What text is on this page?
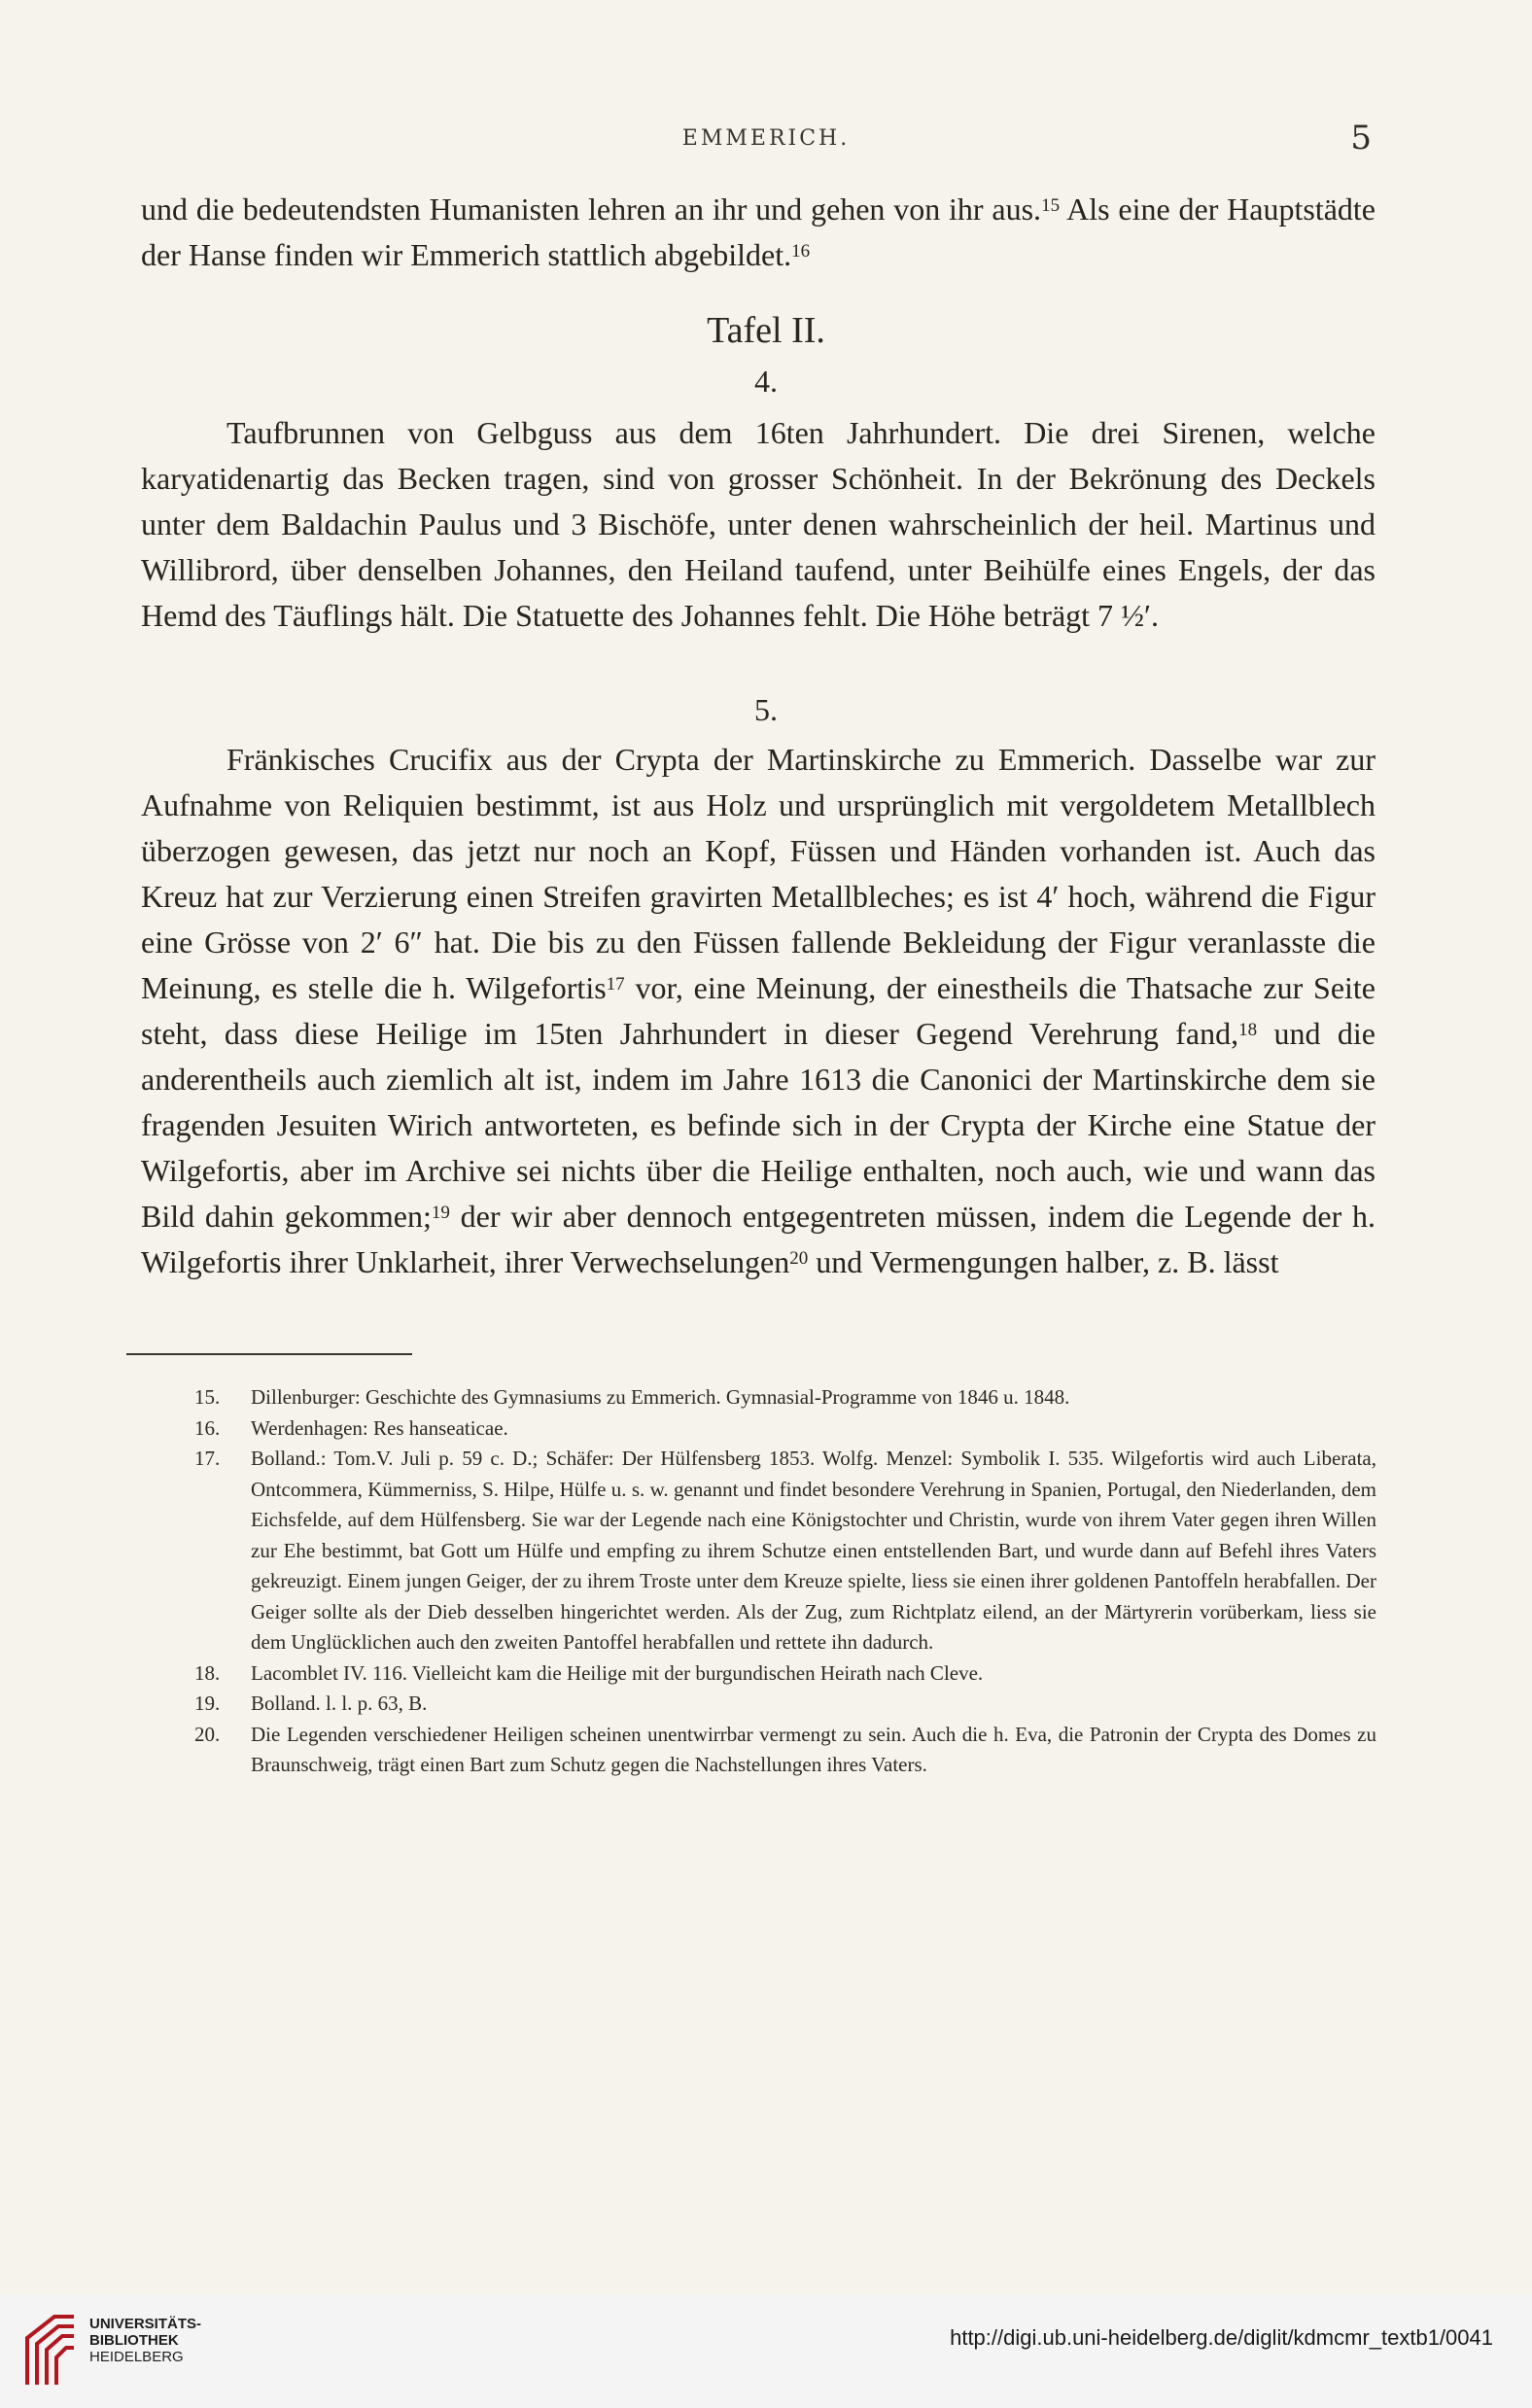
EMMERICH.	5

und die bedeutendsten Humanisten lehren an ihr und gehen von ihr aus.$^{15}$ Als eine der Hauptstädte der Hanse finden wir Emmerich stattlich abgebildet.$^{16}$

Tafel II.
4.

Taufbrunnen von Gelbguss aus dem 16ten Jahrhundert. Die drei Sirenen, welche karyatidenartig das Becken tragen, sind von grosser Schönheit. In der Bekrönung des Deckels unter dem Baldachin Paulus und 3 Bischöfe, unter denen wahrscheinlich der heil. Martinus und Willibrord, über denselben Johannes, den Heiland taufend, unter Beihülfe eines Engels, der das Hemd des Täuflings hält. Die Statuette des Johannes fehlt. Die Höhe beträgt 7 ½′.

5.

Fränkisches Crucifix aus der Crypta der Martinskirche zu Emmerich. Dasselbe war zur Aufnahme von Reliquien bestimmt, ist aus Holz und ursprünglich mit vergoldetem Metallblech überzogen gewesen, das jetzt nur noch an Kopf, Füssen und Händen vorhanden ist. Auch das Kreuz hat zur Verzierung einen Streifen gravirten Metallbleches; es ist 4′ hoch, während die Figur eine Grösse von 2′ 6″ hat. Die bis zu den Füssen fallende Bekleidung der Figur veranlasste die Meinung, es stelle die h. Wilgefortis$^{17}$ vor, eine Meinung, der einestheils die Thatsache zur Seite steht, dass diese Heilige im 15ten Jahrhundert in dieser Gegend Verehrung fand,$^{18}$ und die anderentheils auch ziemlich alt ist, indem im Jahre 1613 die Canonici der Martinskirche dem sie fragenden Jesuiten Wirich antworteten, es befinde sich in der Crypta der Kirche eine Statue der Wilgefortis, aber im Archive sei nichts über die Heilige enthalten, noch auch, wie und wann das Bild dahin gekommen;$^{19}$ der wir aber dennoch entgegentreten müssen, indem die Legende der h. Wilgefortis ihrer Unklarheit, ihrer Verwechselungen$^{20}$ und Vermengungen halber, z. B. lässt

15. Dillenburger: Geschichte des Gymnasiums zu Emmerich. Gymnasial-Programme von 1846 u. 1848.
16. Werdenhagen: Res hanseaticae.
17. Bolland.: Tom.V. Juli p. 59 c. D.; Schäfer: Der Hülfensberg 1853. Wolfg. Menzel: Symbolik I. 535. Wilgefortis wird auch Liberata, Ontcommera, Kümmerniss, S. Hilpe, Hülfe u. s. w. genannt und findet besondere Verehrung in Spanien, Portugal, den Niederlanden, dem Eichsfelde, auf dem Hülfensberg. Sie war der Legende nach eine Königstochter und Christin, wurde von ihrem Vater gegen ihren Willen zur Ehe bestimmt, bat Gott um Hülfe und empfing zu ihrem Schutze einen entstellenden Bart, und wurde dann auf Befehl ihres Vaters gekreuzigt. Einem jungen Geiger, der zu ihrem Troste unter dem Kreuze spielte, liess sie einen ihrer goldenen Pantoffeln herabfallen. Der Geiger sollte als der Dieb desselben hingerichtet werden. Als der Zug, zum Richtplatz eilend, an der Märtyrerin vorüberkam, liess sie dem Unglücklichen auch den zweiten Pantoffel herabfallen und rettete ihn dadurch.
18. Lacomblet IV. 116. Vielleicht kam die Heilige mit der burgundischen Heirath nach Cleve.
19. Bolland. l. l. p. 63, B.
20. Die Legenden verschiedener Heiligen scheinen unentwirrbar vermengt zu sein. Auch die h. Eva, die Patronin der Crypta des Domes zu Braunschweig, trägt einen Bart zum Schutz gegen die Nachstellungen ihres Vaters.
UNIVERSITÄTS-
BIBLIOTHEK
HEIDELBERG
http://digi.ub.uni-heidelberg.de/diglit/kdmcmr_textb1/0041
